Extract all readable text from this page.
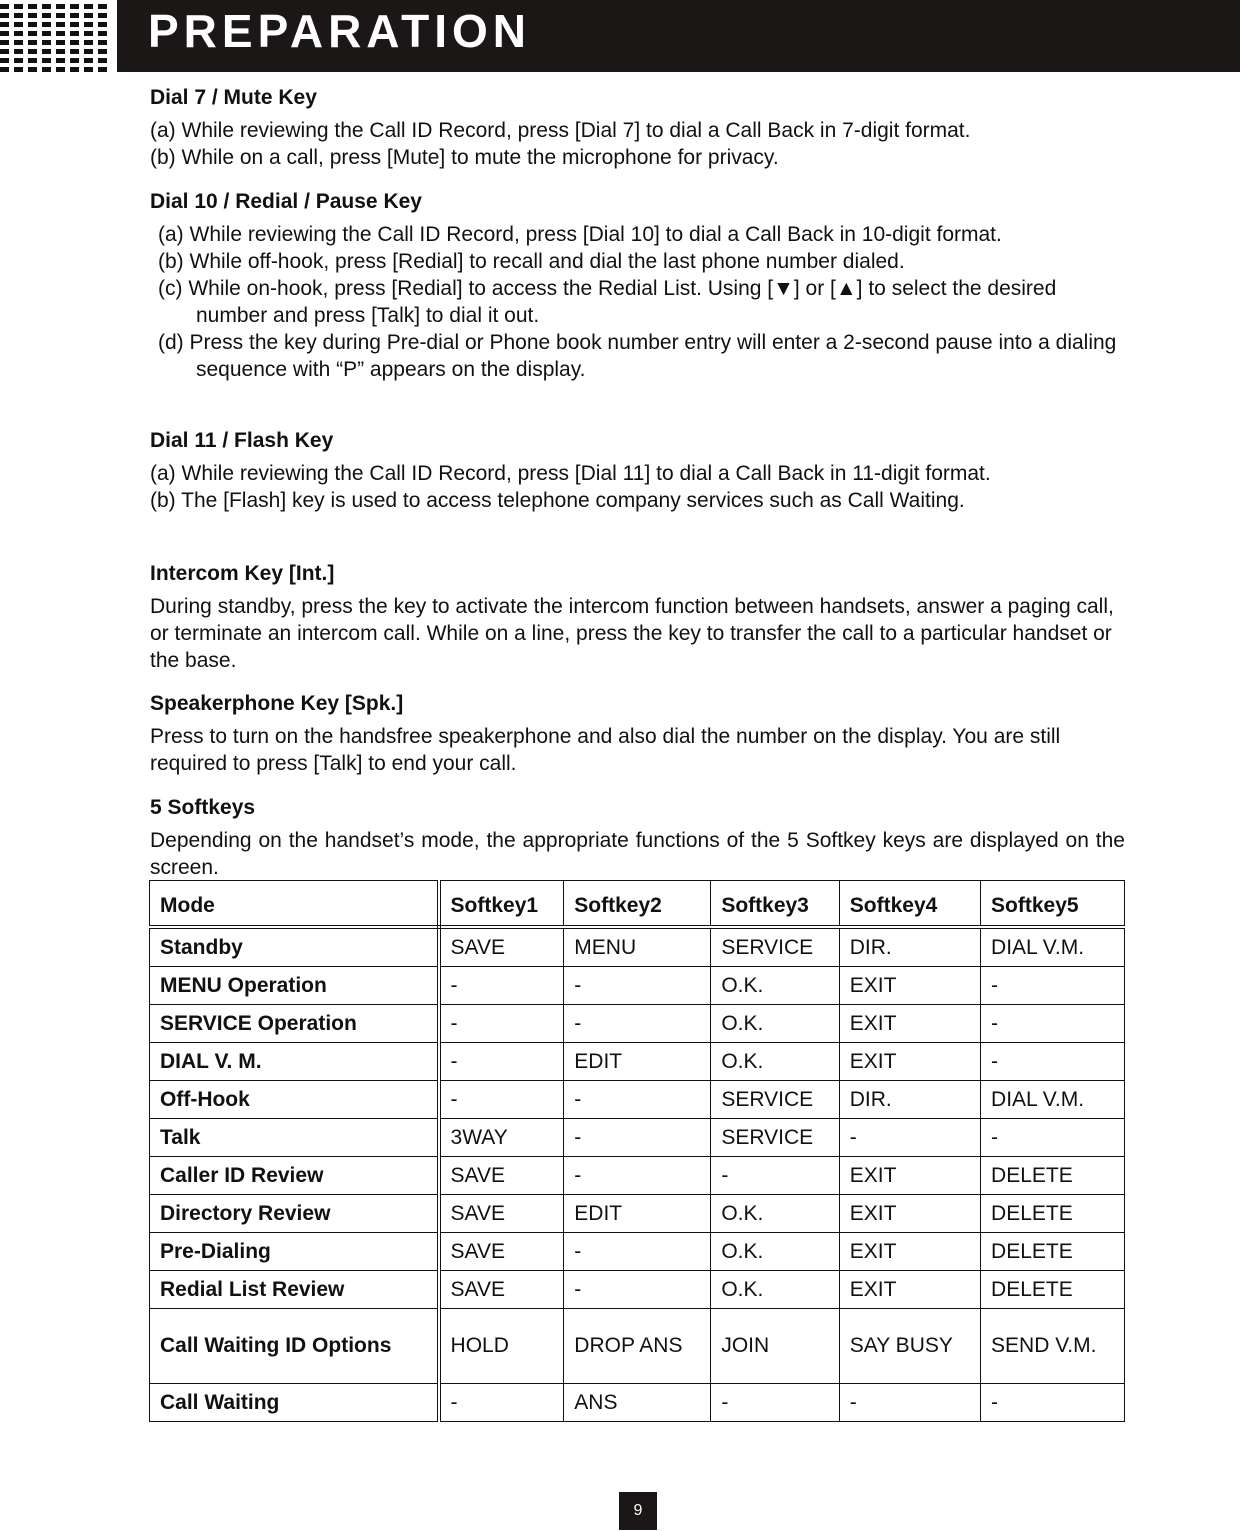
PREPARATION
Dial 7 / Mute Key

(a) While reviewing the Call ID Record, press [Dial 7] to dial a Call Back in 7-digit format.

(b) While on a call, press [Mute] to mute the microphone for privacy.

Dial 10 / Redial / Pause Key

(a) While reviewing the Call ID Record, press [Dial 10] to dial a Call Back in 10-digit format.

(b) While off-hook, press [Redial] to recall and dial the last phone number dialed.

(c) While on-hook, press [Redial] to access the Redial List. Using [▼] or [▲] to select the desired number and press [Talk] to dial it out.

(d) Press the key during Pre-dial or Phone book number entry will enter a 2-second pause into a dialing sequence with “P” appears on the display.

Dial 11 / Flash Key

(a) While reviewing the Call ID Record, press [Dial 11] to dial a Call Back in 11-digit format.

(b) The [Flash] key is used to access telephone company services such as Call Waiting.

Intercom Key [Int.]

During standby, press the key to activate the intercom function between handsets, answer a paging call, or terminate an intercom call. While on a line, press the key to transfer the call to a particular handset or the base.

Speakerphone Key [Spk.]

Press to turn on the handsfree speakerphone and also dial the number on the display. You are still required to press [Talk] to end your call.

5 Softkeys

Depending on the handset’s mode, the appropriate functions of the 5 Softkey keys are displayed on the screen.

Mode	Softkey1	Softkey2	Softkey3	Softkey4	Softkey5
Standby	SAVE	MENU	SERVICE	DIR.	DIAL V.M.
MENU Operation	-	-	O.K.	EXIT	-
SERVICE Operation	-	-	O.K.	EXIT	-
DIAL V. M.	-	EDIT	O.K.	EXIT	-
Off-Hook	-	-	SERVICE	DIR.	DIAL V.M.
Talk	3WAY	-	SERVICE	-	-
Caller ID Review	SAVE	-	-	EXIT	DELETE
Directory Review	SAVE	EDIT	O.K.	EXIT	DELETE
Pre-Dialing	SAVE	-	O.K.	EXIT	DELETE
Redial List Review	SAVE	-	O.K.	EXIT	DELETE
Call Waiting ID Options	HOLD	DROP ANS	JOIN	SAY BUSY	SEND V.M.
Call Waiting	-	ANS	-	-	-
9
